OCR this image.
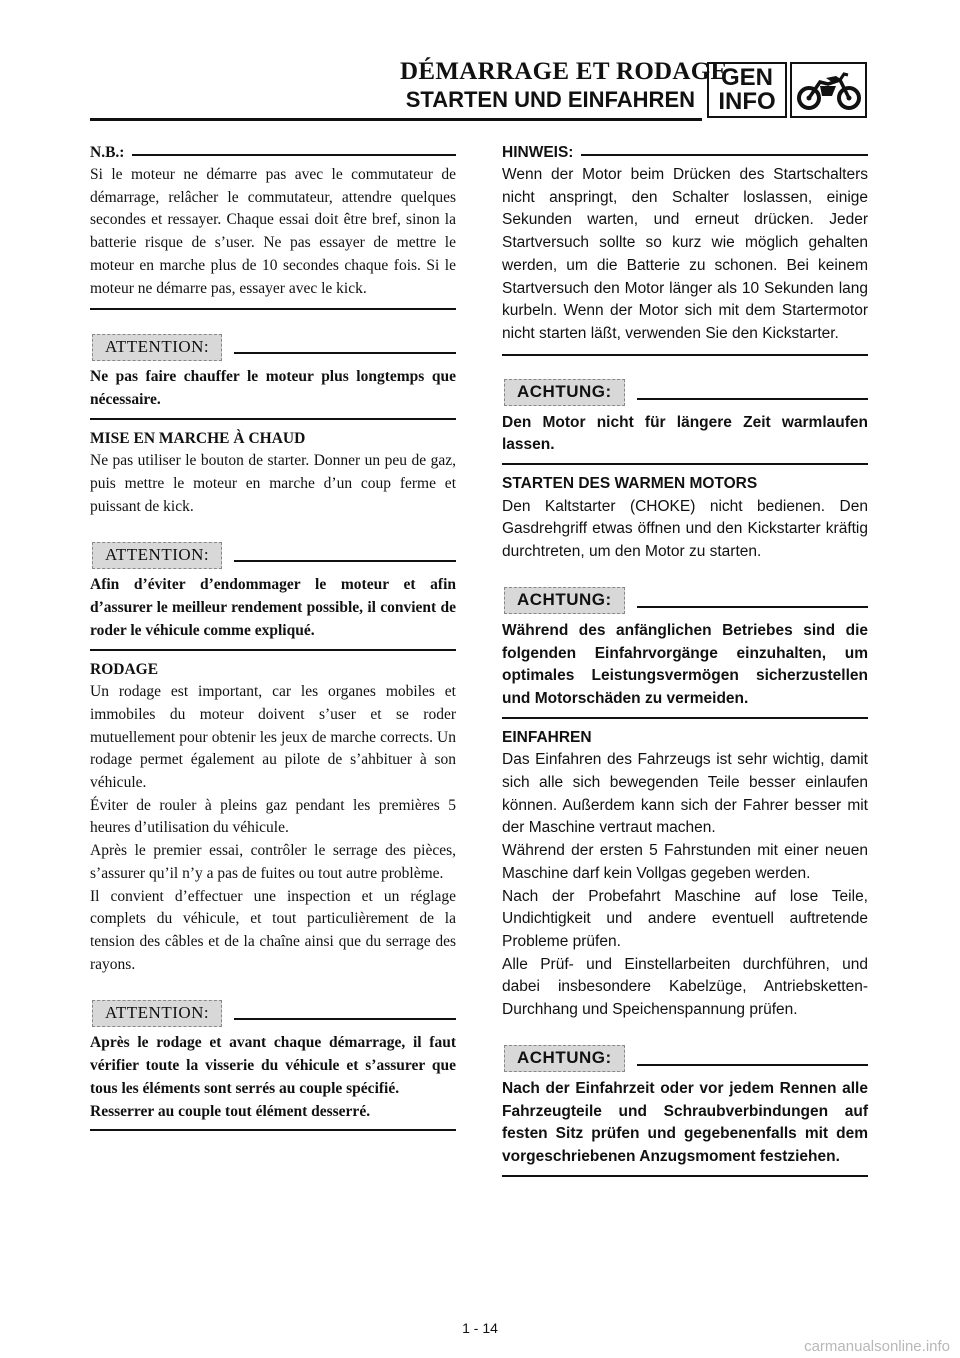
DÉMARRAGE ET RODAGE
STARTEN UND EINFAHREN
GEN
INFO
N.B.:

Si le moteur ne démarre pas avec le commutateur de démarrage, relâcher le commutateur, attendre quelques secondes et ressayer. Chaque essai doit être bref, sinon la batterie risque de s’user. Ne pas essayer de mettre le moteur en marche plus de 10 secondes chaque fois. Si le moteur ne démarre pas, essayer avec le kick.

ATTENTION:

Ne pas faire chauffer le moteur plus longtemps que nécessaire.

MISE EN MARCHE À CHAUD

Ne pas utiliser le bouton de starter. Donner un peu de gaz, puis mettre le moteur en marche d’un coup ferme et puissant de kick.

ATTENTION:

Afin d’éviter d’endommager le moteur et afin d’assurer le meilleur rendement possible, il convient de roder le véhicule comme expliqué.

RODAGE

Un rodage est important, car les organes mobiles et immobiles du moteur doivent s’user et se roder mutuellement pour obtenir les jeux de marche corrects. Un rodage permet également au pilote de s’ahbituer à son véhicule.

Éviter de rouler à pleins gaz pendant les premières 5 heures d’utilisation du véhicule.

Après le premier essai, contrôler le serrage des pièces, s’assurer qu’il n’y a pas de fuites ou tout autre problème.

Il convient d’effectuer une inspection et un réglage complets du véhicule, et tout particulièrement de la tension des câbles et de la chaîne ainsi que du serrage des rayons.

ATTENTION:

Après le rodage et avant chaque démarrage, il faut vérifier toute la visserie du véhicule et s’assurer que tous les éléments sont serrés au couple spécifié.

Resserrer au couple tout élément desserré.

HINWEIS:

Wenn der Motor beim Drücken des Startschalters nicht anspringt, den Schalter loslassen, einige Sekunden warten, und erneut drücken. Jeder Startversuch sollte so kurz wie möglich gehalten werden, um die Batterie zu schonen. Bei keinem Startversuch den Motor länger als 10 Sekunden lang kurbeln. Wenn der Motor sich mit dem Startermotor nicht starten läßt, verwenden Sie den Kickstarter.

ACHTUNG:

Den Motor nicht für längere Zeit warmlaufen lassen.

STARTEN DES WARMEN MOTORS

Den Kaltstarter (CHOKE) nicht bedienen. Den Gasdrehgriff etwas öffnen und den Kickstarter kräftig durchtreten, um den Motor zu starten.

ACHTUNG:

Während des anfänglichen Betriebes sind die folgenden Einfahrvorgänge einzuhalten, um optimales Leistungsvermögen sicherzustellen und Motorschäden zu vermeiden.

EINFAHREN

Das Einfahren des Fahrzeugs ist sehr wichtig, damit sich alle sich bewegenden Teile besser einlaufen können. Außerdem kann sich der Fahrer besser mit der Maschine vertraut machen.

Während der ersten 5 Fahrstunden mit einer neuen Maschine darf kein Vollgas gegeben werden.

Nach der Probefahrt Maschine auf lose Teile, Undichtigkeit und andere eventuell auftretende Probleme prüfen.

Alle Prüf- und Einstellarbeiten durchführen, und dabei insbesondere Kabelzüge, Antriebsketten-Durchhang und Speichenspannung prüfen.

ACHTUNG:

Nach der Einfahrzeit oder vor jedem Rennen alle Fahrzeugteile und Schraubverbindungen auf festen Sitz prüfen und gegebenenfalls mit dem vorgeschriebenen Anzugsmoment festziehen.

1 - 14
carmanualsonline.info
